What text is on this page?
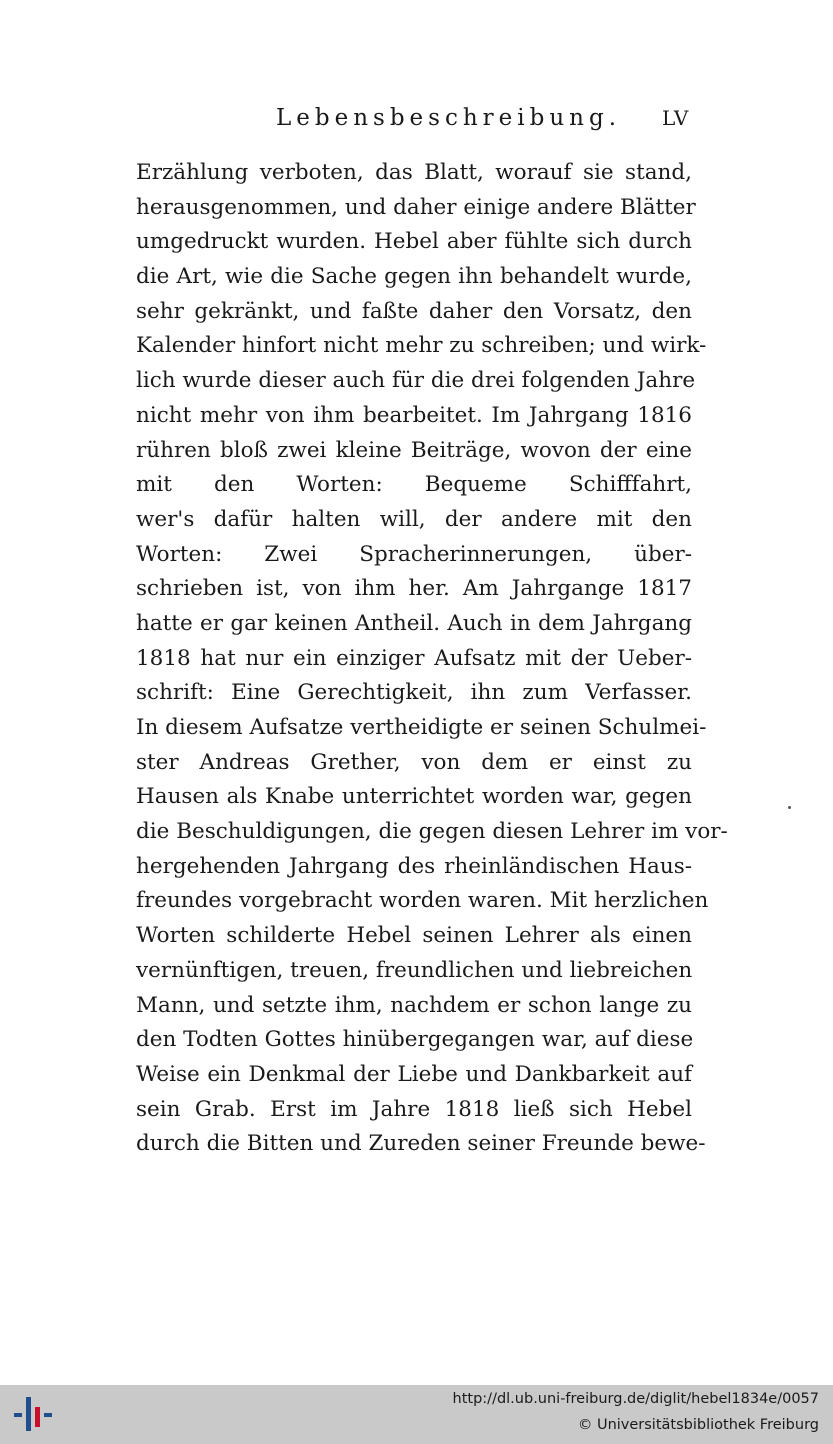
Lebensbeschreibung. LV
Erzählung verboten, das Blatt, worauf sie stand,
herausgenommen, und daher einige andere Blätter
umgedruckt wurden. Hebel aber fühlte sich durch
die Art, wie die Sache gegen ihn behandelt wurde,
sehr gekränkt, und faßte daher den Vorsatz, den
Kalender hinfort nicht mehr zu schreiben; und wirk-
lich wurde dieser auch für die drei folgenden Jahre
nicht mehr von ihm bearbeitet. Im Jahrgang 1816
rühren bloß zwei kleine Beiträge, wovon der eine
mit den Worten: Bequeme Schifffahrt,
wer's dafür halten will, der andere mit den
Worten: Zwei Spracherinnerungen, über-
schrieben ist, von ihm her. Am Jahrgange 1817
hatte er gar keinen Antheil. Auch in dem Jahrgang
1818 hat nur ein einziger Aufsatz mit der Ueber-
schrift: Eine Gerechtigkeit, ihn zum Verfasser.
In diesem Aufsatze vertheidigte er seinen Schulmei-
ster Andreas Grether, von dem er einst zu
Hausen als Knabe unterrichtet worden war, gegen
die Beschuldigungen, die gegen diesen Lehrer im vor-
hergehenden Jahrgang des rheinländischen Haus-
freundes vorgebracht worden waren. Mit herzlichen
Worten schilderte Hebel seinen Lehrer als einen
vernünftigen, treuen, freundlichen und liebreichen
Mann, und setzte ihm, nachdem er schon lange zu
den Todten Gottes hinübergegangen war, auf diese
Weise ein Denkmal der Liebe und Dankbarkeit auf
sein Grab. Erst im Jahre 1818 ließ sich Hebel
durch die Bitten und Zureden seiner Freunde bewe-
http://dl.ub.uni-freiburg.de/diglit/hebel1834e/0057
© Universitätsbibliothek Freiburg
